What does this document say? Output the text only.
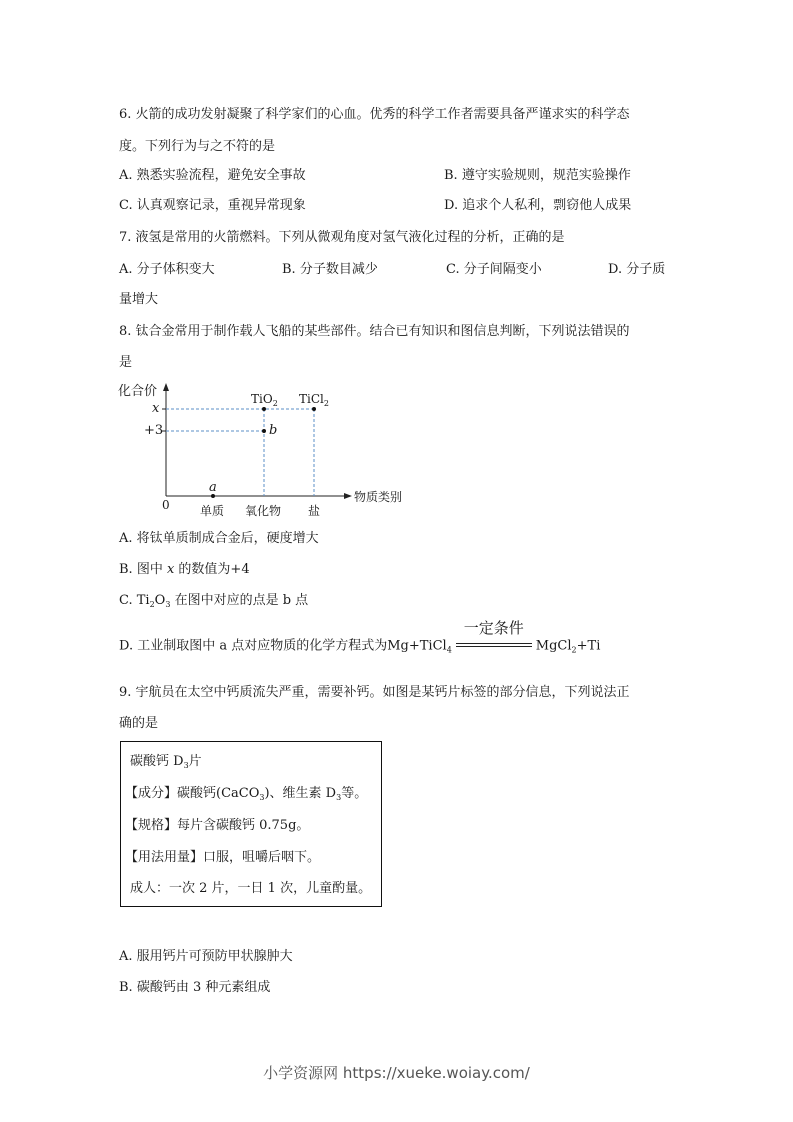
6. 火箭的成功发射凝聚了科学家们的心血。优秀的科学工作者需要具备严谨求实的科学态
度。下列行为与之不符的是
A. 熟悉实验流程，避免安全事故	B. 遵守实验规则，规范实验操作
C. 认真观察记录，重视异常现象	D. 追求个人私利，剽窃他人成果
7. 液氢是常用的火箭燃料。下列从微观角度对氢气液化过程的分析，正确的是
A. 分子体积变大	B. 分子数目减少	C. 分子间隔变小	D. 分子质
量增大
8. 钛合金常用于制作载人飞船的某些部件。结合已有知识和图信息判断，下列说法错误的
是
化合价
x
+3
0
TiO$_2$ TiCl$_2$
b
a
物质类别
单质 氧化物 盐
A. 将钛单质制成合金后，硬度增大
B. 图中 x 的数值为+4
C. $Ti_2O_3$ 在图中对应的点是 b 点
D. 工业制取图中 a 点对应物质的化学方程式为Mg+TiCl$_4$
一定条件
MgCl$_2$+Ti
9. 宇航员在太空中钙质流失严重，需要补钙。如图是某钙片标签的部分信息，下列说法正
确的是
碳酸钙 $D_3$片
【成分】碳酸钙(CaCO$_3$)、维生素 $D_3$等。
【规格】每片含碳酸钙 0.75g。
【用法用量】口服，咀嚼后咽下。
成人：一次 2 片，一日 1 次，儿童酌量。
A. 服用钙片可预防甲状腺肿大
B. 碳酸钙由 3 种元素组成
小学资源网 https://xueke.woiay.com/
